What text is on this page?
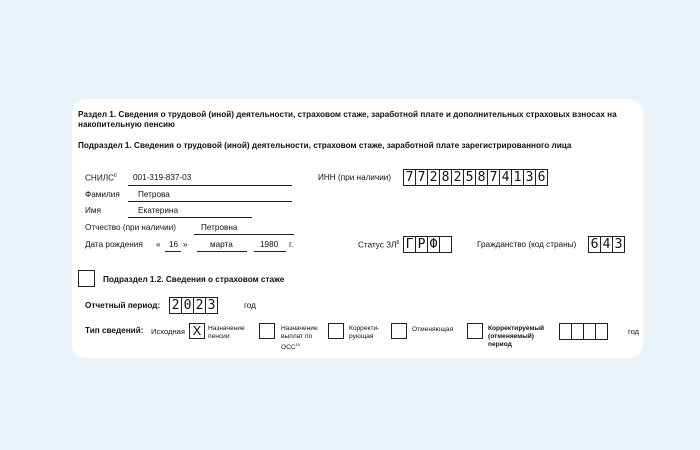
Раздел 1. Сведения о трудовой (иной) деятельности, страховом стаже, заработной плате и дополнительных страховых взносах на накопительную пенсию
Подраздел 1. Сведения о трудовой (иной) деятельности, страховом стаже, заработной плате зарегистрированного лица
СНИЛС$^6$ 001-319-837-03
Фамилия Петрова
Имя	Екатерина
Отчество (при наличии)	Петровна
Дата рождения « 16 »	марта	1980 г.
ИНН (при наличии) 7 7 2 8 2 5 8 7 4 1 3 6
Статус $ЗЛ^8$ Г Р Ф	Гражданство (код страны) 6 4 3
Подраздел 1.2. Сведения о страховом стаже
Отчетный период: 2 0 2 3	год
Тип сведений: Исходная X	Назначение
пенсии
Назначение
выплат по
ОСС$^{10}$
Корректи-
рующая
Отменяющая	Корректируемый
(отменяемый)
период
год
